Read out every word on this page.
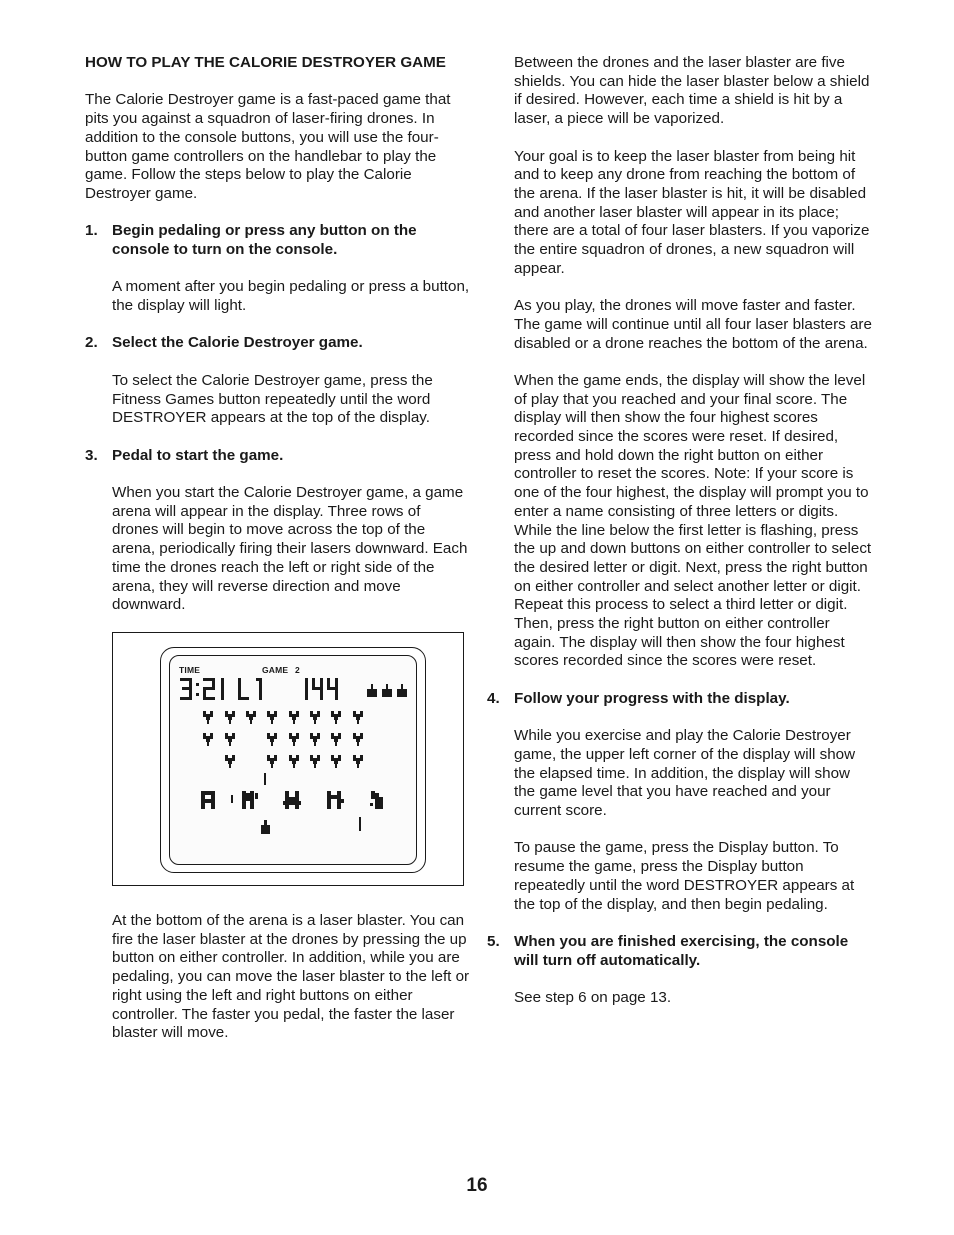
HOW TO PLAY THE CALORIE DESTROYER GAME

The Calorie Destroyer game is a fast-paced game that pits you against a squadron of laser-firing drones. In addition to the console buttons, you will use the four-button game controllers on the handlebar to play the game. Follow the steps below to play the Calorie Destroyer game.

1. Begin pedaling or press any button on the console to turn on the console.

A moment after you begin pedaling or press a button, the display will light.

2. Select the Calorie Destroyer game.

To select the Calorie Destroyer game, press the Fitness Games button repeatedly until the word DESTROYER appears at the top of the display.

3. Pedal to start the game.

When you start the Calorie Destroyer game, a game arena will appear in the display. Three rows of drones will begin to move across the top of the arena, periodically firing their lasers downward. Each time the drones reach the left or right side of the arena, they will reverse direction and move downward.

TIME	GAME 2

At the bottom of the arena is a laser blaster. You can fire the laser blaster at the drones by pressing the up button on either controller. In addition, while you are pedaling, you can move the laser blaster to the left or right using the left and right buttons on either controller. The faster you pedal, the faster the laser blaster will move.

Between the drones and the laser blaster are five shields. You can hide the laser blaster below a shield if desired. However, each time a shield is hit by a laser, a piece will be vaporized.

Your goal is to keep the laser blaster from being hit and to keep any drone from reaching the bottom of the arena. If the laser blaster is hit, it will be disabled and another laser blaster will appear in its place; there are a total of four laser blasters. If you vaporize the entire squadron of drones, a new squadron will appear.

As you play, the drones will move faster and faster. The game will continue until all four laser blasters are disabled or a drone reaches the bottom of the arena.

When the game ends, the display will show the level of play that you reached and your final score. The display will then show the four highest scores recorded since the scores were reset. If desired, press and hold down the right button on either controller to reset the scores. Note: If your score is one of the four highest, the display will prompt you to enter a name consisting of three letters or digits. While the line below the first letter is flashing, press the up and down buttons on either controller to select the desired letter or digit. Next, press the right button on either controller and select another letter or digit. Repeat this process to select a third letter or digit. Then, press the right button on either controller again. The display will then show the four highest scores recorded since the scores were reset.

4. Follow your progress with the display.

While you exercise and play the Calorie Destroyer game, the upper left corner of the display will show the elapsed time. In addition, the display will show the game level that you have reached and your current score.

To pause the game, press the Display button. To resume the game, press the Display button repeatedly until the word DESTROYER appears at the top of the display, and then begin pedaling.

5. When you are finished exercising, the console will turn off automatically.

See step 6 on page 13.

16
